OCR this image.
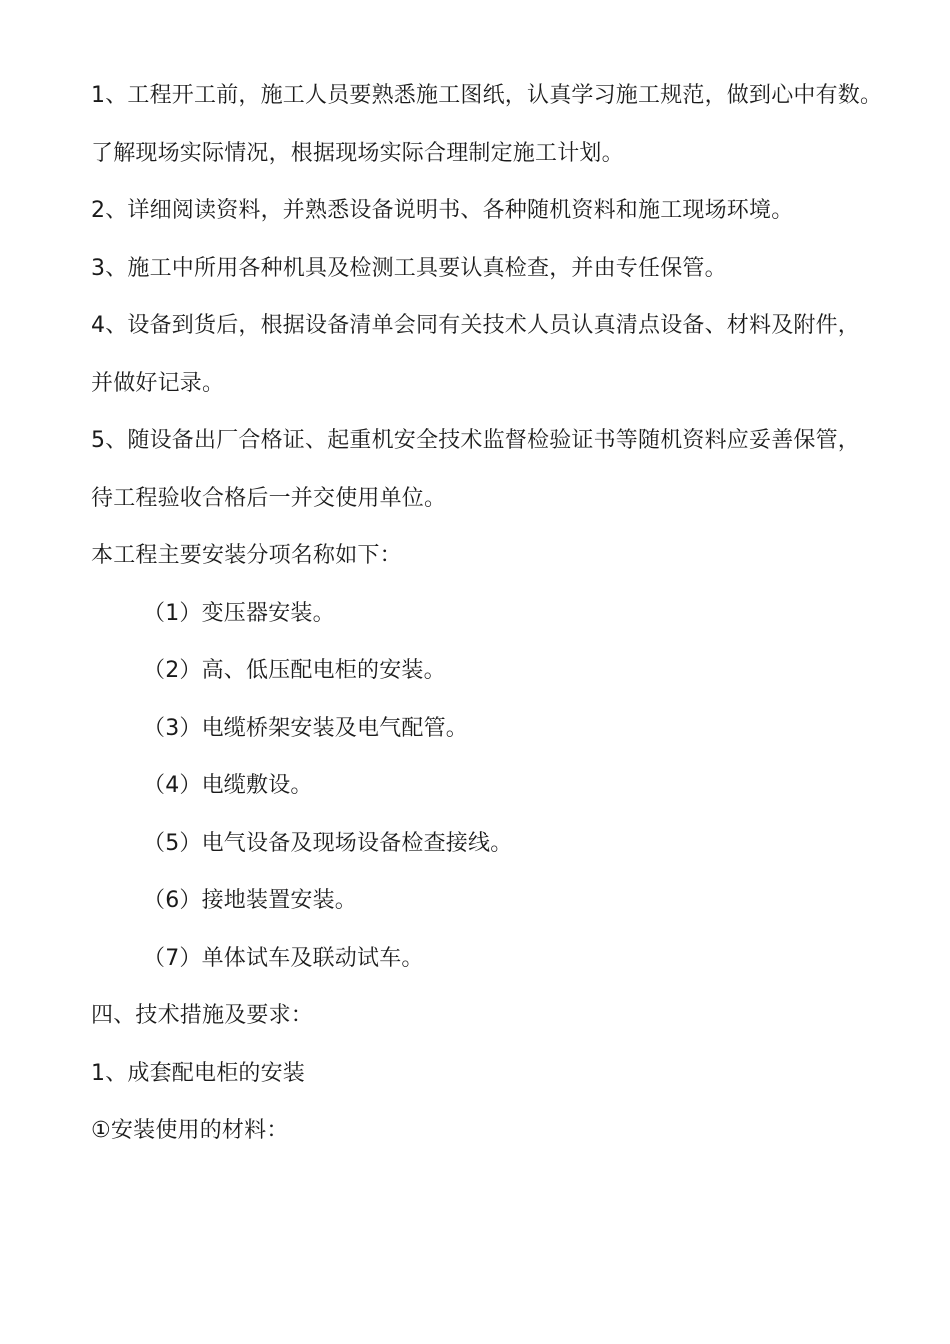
1、工程开工前，施工人员要熟悉施工图纸，认真学习施工规范，做到心中有数。
了解现场实际情况，根据现场实际合理制定施工计划。
2、详细阅读资料，并熟悉设备说明书、各种随机资料和施工现场环境。
3、施工中所用各种机具及检测工具要认真检查，并由专任保管。
4、设备到货后，根据设备清单会同有关技术人员认真清点设备、材料及附件，
并做好记录。
5、随设备出厂合格证、起重机安全技术监督检验证书等随机资料应妥善保管，
待工程验收合格后一并交使用单位。
本工程主要安装分项名称如下：
（1）变压器安装。
（2）高、低压配电柜的安装。
（3）电缆桥架安装及电气配管。
（4）电缆敷设。
（5）电气设备及现场设备检查接线。
（6）接地装置安装。
（7）单体试车及联动试车。
四、技术措施及要求：
1、成套配电柜的安装
①安装使用的材料：
